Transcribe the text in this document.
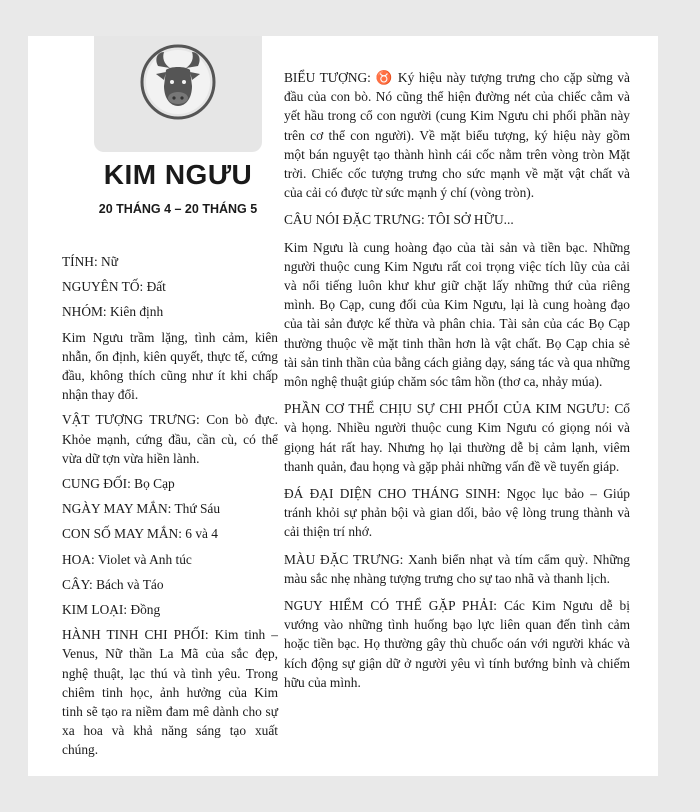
KIM NGƯU
20 THÁNG 4 – 20 THÁNG 5

TÍNH: Nữ

NGUYÊN TỐ: Đất

NHÓM: Kiên định

Kim Ngưu trầm lặng, tình cảm, kiên nhẫn, ổn định, kiên quyết, thực tế, cứng đầu, không thích cũng như ít khi chấp nhận thay đổi.

VẬT TƯỢNG TRƯNG: Con bò đực. Khỏe mạnh, cứng đầu, cần cù, có thể vừa dữ tợn vừa hiền lành.

CUNG ĐỐI: Bọ Cạp

NGÀY MAY MẮN: Thứ Sáu

CON SỐ MAY MẮN: 6 và 4

HOA: Violet và Anh túc

CÂY: Bách và Táo

KIM LOẠI: Đồng

HÀNH TINH CHI PHỐI: Kim tinh – Venus, Nữ thần La Mã của sắc đẹp, nghệ thuật, lạc thú và tình yêu. Trong chiêm tinh học, ảnh hưởng của Kim tinh sẽ tạo ra niềm đam mê dành cho sự xa hoa và khả năng sáng tạo xuất chúng.

BIỂU TƯỢNG: ♉ Ký hiệu này tượng trưng cho cặp sừng và đầu của con bò. Nó cũng thể hiện đường nét của chiếc cằm và yết hầu trong cổ con người (cung Kim Ngưu chi phối phần này trên cơ thể con người). Về mặt biểu tượng, ký hiệu này gồm một bán nguyệt tạo thành hình cái cốc nằm trên vòng tròn Mặt trời. Chiếc cốc tượng trưng cho sức mạnh về mặt vật chất và của cải có được từ sức mạnh ý chí (vòng tròn).

CÂU NÓI ĐẶC TRƯNG: TÔI SỞ HỮU...

Kim Ngưu là cung hoàng đạo của tài sản và tiền bạc. Những người thuộc cung Kim Ngưu rất coi trọng việc tích lũy của cải và nổi tiếng luôn khư khư giữ chặt lấy những thứ của riêng mình. Bọ Cạp, cung đối của Kim Ngưu, lại là cung hoàng đạo của tài sản được kế thừa và phân chia. Tài sản của các Bọ Cạp thường thuộc về mặt tinh thần hơn là vật chất. Bọ Cạp chia sẻ tài sản tinh thần của bằng cách giảng dạy, sáng tác và qua những môn nghệ thuật giúp chăm sóc tâm hồn (thơ ca, nhảy múa).

PHẦN CƠ THỂ CHỊU SỰ CHI PHỐI CỦA KIM NGƯU: Cổ và họng. Nhiều người thuộc cung Kim Ngưu có giọng nói và giọng hát rất hay. Nhưng họ lại thường dễ bị cảm lạnh, viêm thanh quản, đau họng và gặp phải những vấn đề về tuyến giáp.

ĐÁ ĐẠI DIỆN CHO THÁNG SINH: Ngọc lục bảo – Giúp tránh khỏi sự phản bội và gian dối, bảo vệ lòng trung thành và cải thiện trí nhớ.

MÀU ĐẶC TRƯNG: Xanh biển nhạt và tím cẩm quỳ. Những màu sắc nhẹ nhàng tượng trưng cho sự tao nhã và thanh lịch.

NGUY HIỂM CÓ THỂ GẶP PHẢI: Các Kim Ngưu dễ bị vướng vào những tình huống bạo lực liên quan đến tình cảm hoặc tiền bạc. Họ thường gây thù chuốc oán với người khác và kích động sự giận dữ ở người yêu vì tính bướng bỉnh và chiếm hữu của mình.
